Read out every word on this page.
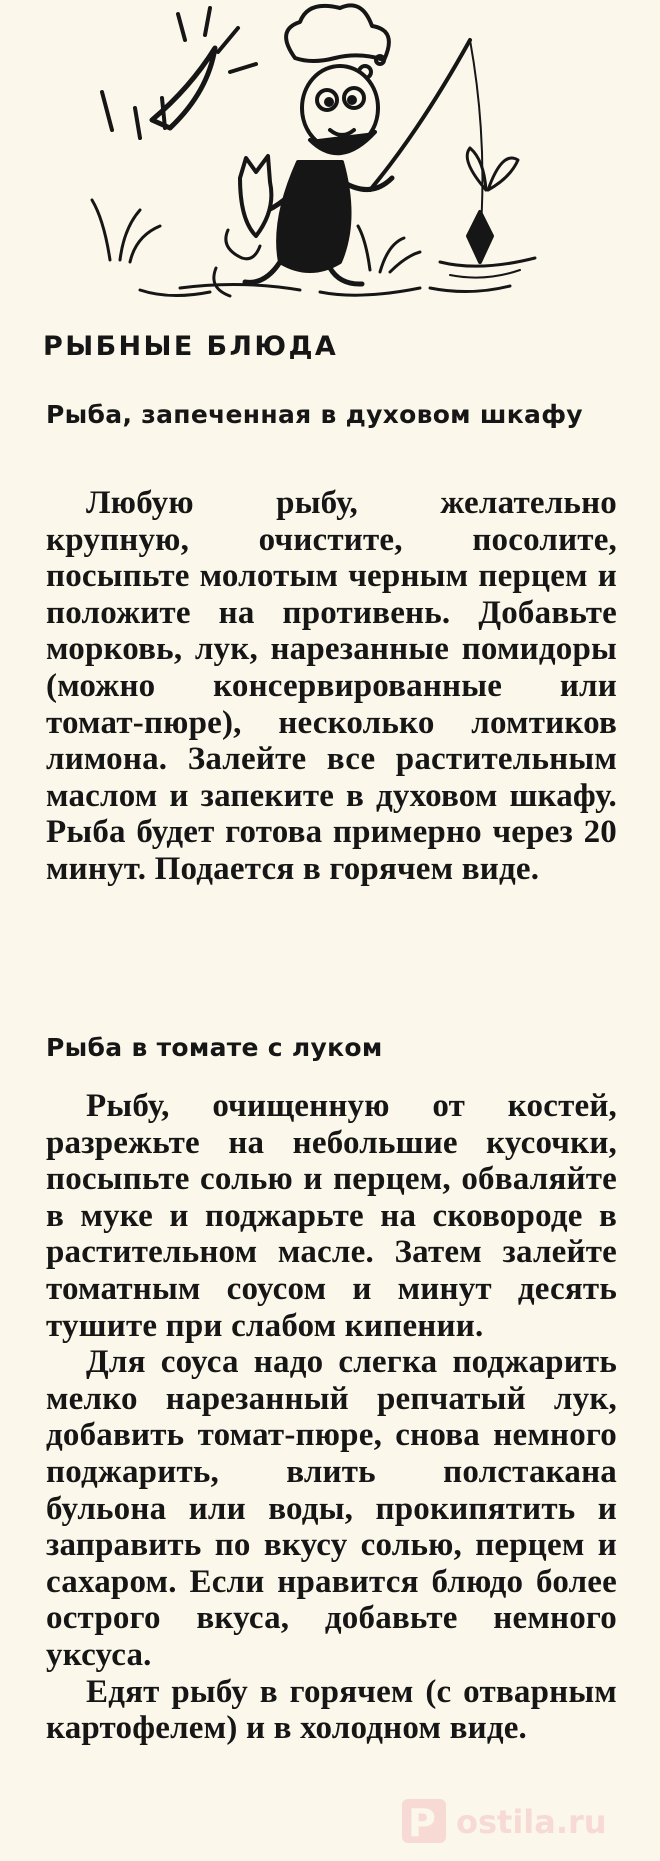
РЫБНЫЕ БЛЮДА
Рыба, запеченная в духовом шкафу

Любую рыбу, желательно крупную, очистите, посолите, посыпьте молотым черным перцем и положите на противень. Добавьте морковь, лук, нарезанные помидоры (можно консервированные или томат-пюре), несколько ломтиков лимона. Залейте все растительным маслом и запеките в духовом шкафу. Рыба будет готова примерно через 20 минут. Подается в горячем виде.

Рыба в томате с луком

Рыбу, очищенную от костей, разрежьте на небольшие кусочки, посыпьте солью и перцем, обваляйте в муке и поджарьте на сковороде в растительном масле. Затем залейте томатным соусом и минут десять тушите при слабом кипении.

Для соуса надо слегка поджарить мелко нарезанный репчатый лук, добавить томат-пюре, снова немного поджарить, влить полстакана бульона или воды, прокипятить и заправить по вкусу солью, перцем и сахаром. Если нравится блюдо более острого вкуса, добавьте немного уксуса.

Едят рыбу в горячем (с отварным картофелем) и в холодном виде.

P ostila.ru
